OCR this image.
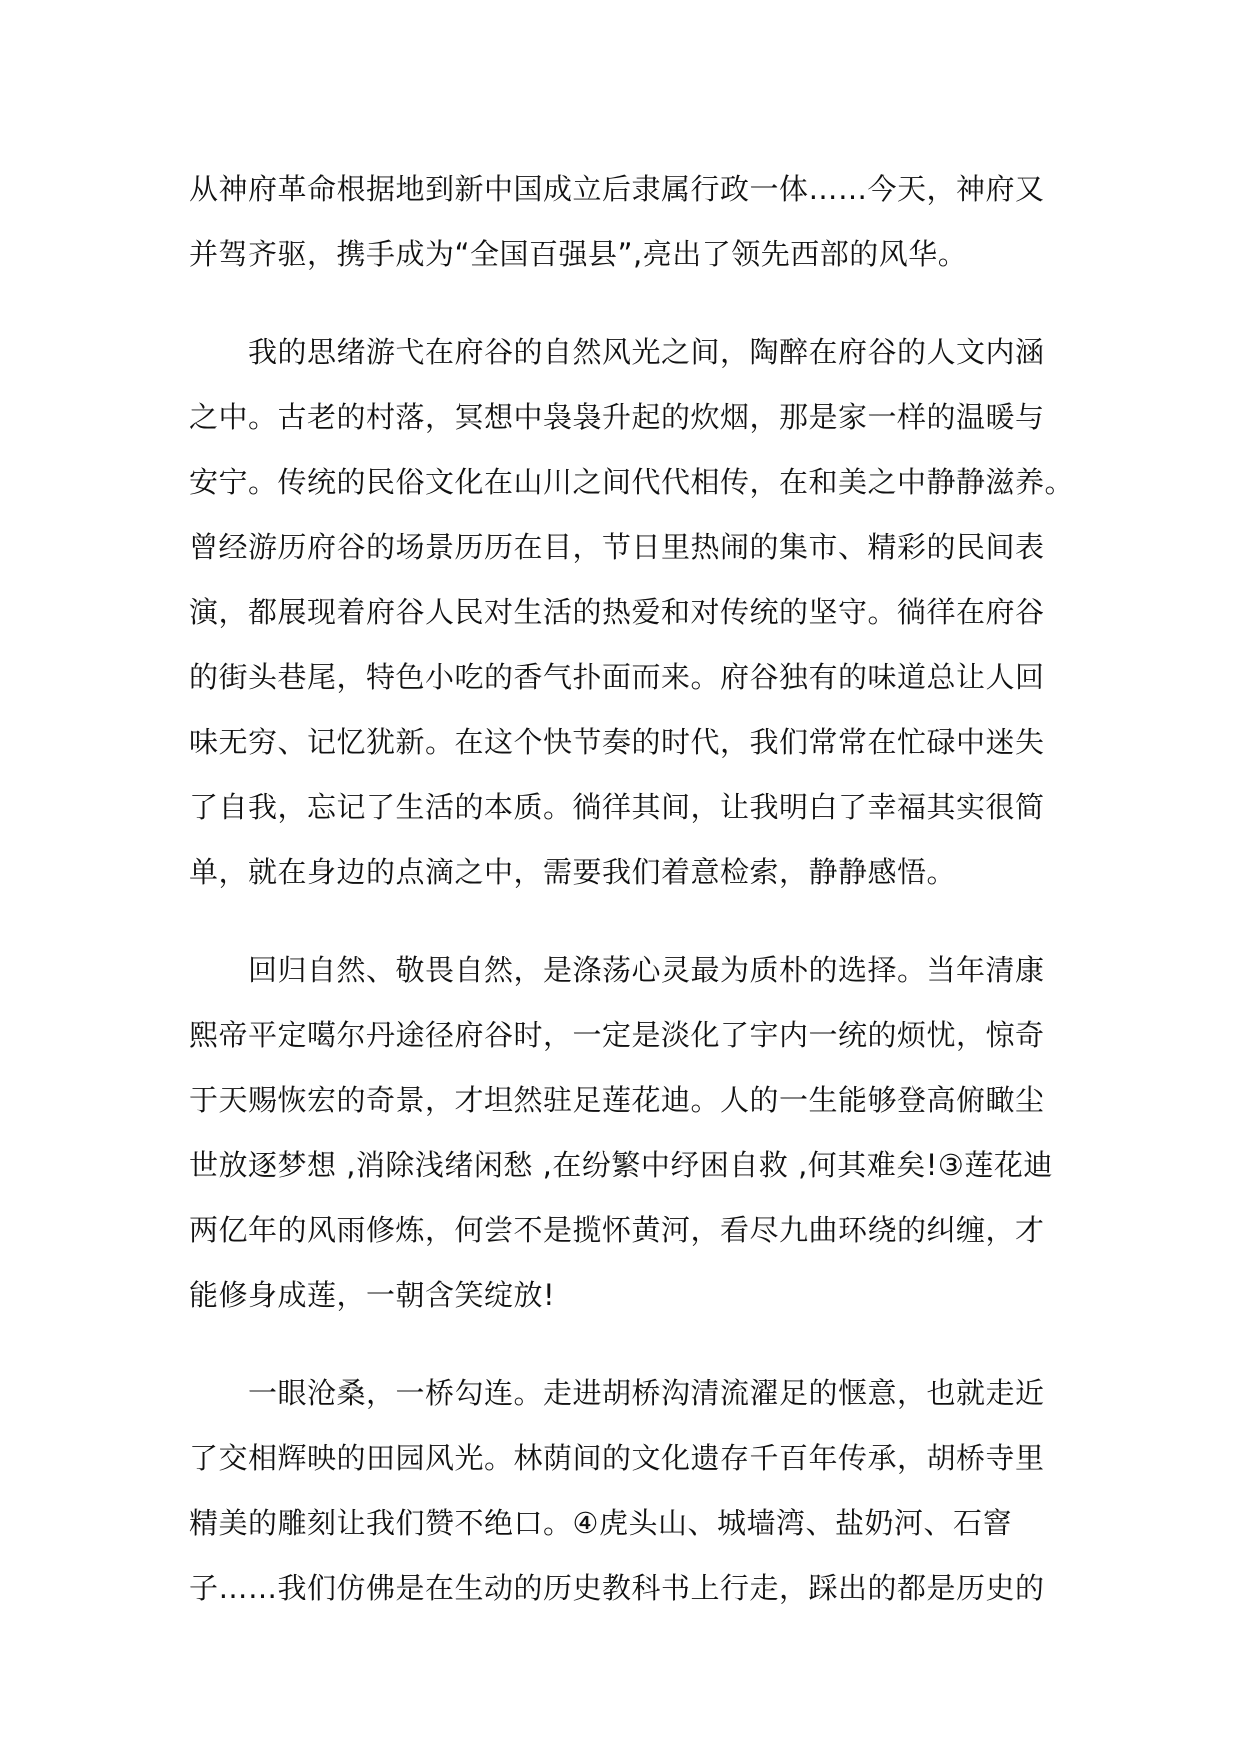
从神府革命根据地到新中国成立后隶属行政一体……今天，神府又
并驾齐驱，携手成为“全国百强县”,亮出了领先西部的风华。
　　我的思绪游弋在府谷的自然风光之间，陶醉在府谷的人文内涵
之中。古老的村落，冥想中袅袅升起的炊烟，那是家一样的温暖与
安宁。传统的民俗文化在山川之间代代相传，在和美之中静静滋养。
曾经游历府谷的场景历历在目，节日里热闹的集市、精彩的民间表
演，都展现着府谷人民对生活的热爱和对传统的坚守。徜徉在府谷
的街头巷尾，特色小吃的香气扑面而来。府谷独有的味道总让人回
味无穷、记忆犹新。在这个快节奏的时代，我们常常在忙碌中迷失
了自我，忘记了生活的本质。徜徉其间，让我明白了幸福其实很简
单，就在身边的点滴之中，需要我们着意检索，静静感悟。
　　回归自然、敬畏自然，是涤荡心灵最为质朴的选择。当年清康
熙帝平定噶尔丹途径府谷时，一定是淡化了宇内一统的烦忧，惊奇
于天赐恢宏的奇景，才坦然驻足莲花迪。人的一生能够登高俯瞰尘
世放逐梦想 ,消除浅绪闲愁 ,在纷繁中纾困自救 ,何其难矣!③莲花迪
两亿年的风雨修炼，何尝不是揽怀黄河，看尽九曲环绕的纠缠，才
能修身成莲，一朝含笑绽放!
　　一眼沧桑，一桥勾连。走进胡桥沟清流濯足的惬意，也就走近
了交相辉映的田园风光。林荫间的文化遗存千百年传承，胡桥寺里
精美的雕刻让我们赞不绝口。④虎头山、城墙湾、盐奶河、石窨
子……我们仿佛是在生动的历史教科书上行走，踩出的都是历史的
